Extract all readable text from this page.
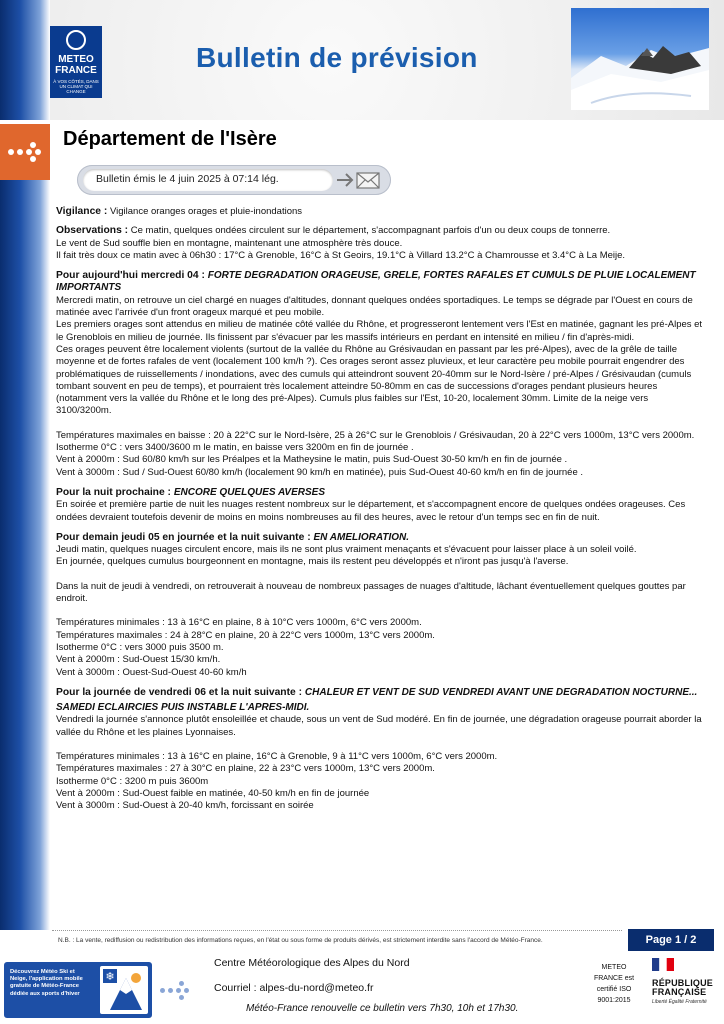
METEO
FRANCE
À VOS CÔTÉS, DANS UN CLIMAT QUI CHANGE
Bulletin de prévision
Département de l'Isère
Bulletin émis le 4 juin 2025 à 07:14 lég.

Vigilance : Vigilance oranges orages et pluie-inondations

Observations : Ce matin, quelques ondées circulent sur le département, s'accompagnant parfois d'un ou deux coups de tonnerre.

Le vent de Sud souffle bien en montagne, maintenant une atmosphère très douce.

Il fait très doux ce matin avec à 06h30 : 17°C à Grenoble, 16°C à St Geoirs, 19.1°C à Villard 13.2°C à Chamrousse et 3.4°C à La Meije.

Pour aujourd'hui mercredi 04 : FORTE DEGRADATION ORAGEUSE, GRELE, FORTES RAFALES ET CUMULS DE PLUIE LOCALEMENT IMPORTANTS

Mercredi matin, on retrouve un ciel chargé en nuages d'altitudes, donnant quelques ondées sportadiques. Le temps se dégrade par l'Ouest en cours de matinée avec l'arrivée d'un front orageux marqué et peu mobile.

Les premiers orages sont attendus en milieu de matinée côté vallée du Rhône, et progresseront lentement vers l'Est en matinée, gagnant les pré-Alpes et le Grenoblois en milieu de journée. Ils finissent par s'évacuer par les massifs intérieurs en perdant en intensité en milieu / fin d'après-midi.

Ces orages peuvent être localement violents (surtout de la vallée du Rhône au Grésivaudan en passant par les pré-Alpes), avec de la grêle de taille moyenne et de fortes rafales de vent (localement 100 km/h ?). Ces orages seront assez pluvieux, et leur caractère peu mobile pourrait engendrer des problématiques de ruissellements / inondations, avec des cumuls qui atteindront souvent 20-40mm sur le Nord-Isère / pré-Alpes / Grésivaudan (cumuls tombant souvent en peu de temps), et pourraient très localement atteindre 50-80mm en cas de successions d'orages pendant plusieurs heures (notamment vers la vallée du Rhône et le long des pré-Alpes). Cumuls plus faibles sur l'Est, 10-20, localement 30mm. Limite de la neige vers 3100/3200m.

Températures maximales en baisse : 20 à 22°C sur le Nord-Isère, 25 à 26°C sur le Grenoblois / Grésivaudan, 20 à 22°C vers 1000m, 13°C vers 2000m.

Isotherme 0°C : vers 3400/3600 m le matin, en baisse vers 3200m en fin de journée .

Vent à 2000m : Sud 60/80 km/h sur les Préalpes et la Matheysine le matin, puis Sud-Ouest 30-50 km/h en fin de journée .

Vent à 3000m : Sud / Sud-Ouest 60/80 km/h (localement 90 km/h en matinée), puis Sud-Ouest 40-60 km/h en fin de journée .

Pour la nuit prochaine : ENCORE QUELQUES AVERSES

En soirée et première partie de nuit les nuages restent nombreux sur le département, et s'accompagnent encore de quelques ondées orageuses. Ces ondées devraient toutefois devenir de moins en moins nombreuses au fil des heures, avec le retour d'un temps sec en fin de nuit.

Pour demain jeudi 05 en journée et la nuit suivante : EN AMELIORATION.

Jeudi matin, quelques nuages circulent encore, mais ils ne sont plus vraiment menaçants et s'évacuent pour laisser place à un soleil voilé.

En journée, quelques cumulus bourgeonnent en montagne, mais ils restent peu développés et n'iront pas jusqu'à l'averse.

Dans la nuit de jeudi à vendredi, on retrouverait à nouveau de nombreux passages de nuages d'altitude, lâchant éventuellement quelques gouttes par endroit.

Températures minimales : 13 à 16°C en plaine, 8 à 10°C vers 1000m, 6°C vers 2000m.

Températures maximales : 24 à 28°C en plaine, 20 à 22°C vers 1000m, 13°C vers 2000m.

Isotherme 0°C : vers 3000 puis 3500 m.

Vent à 2000m : Sud-Ouest 15/30 km/h.

Vent à 3000m : Ouest-Sud-Ouest 40-60 km/h

Pour la journée de vendredi 06 et la nuit suivante : CHALEUR ET VENT DE SUD VENDREDI AVANT UNE DEGRADATION NOCTURNE...

SAMEDI ECLAIRCIES PUIS INSTABLE L'APRES-MIDI.

Vendredi la journée s'annonce plutôt ensoleillée et chaude, sous un vent de Sud modéré. En fin de journée, une dégradation orageuse pourrait aborder la vallée du Rhône et les plaines Lyonnaises.

Températures minimales : 13 à 16°C en plaine, 16°C à Grenoble, 9 à 11°C vers 1000m, 6°C vers 2000m.

Températures maximales : 27 à 30°C en plaine, 22 à 23°C vers 1000m, 13°C vers 2000m.

Isotherme 0°C : 3200 m puis 3600m

Vent à 2000m : Sud-Ouest faible en matinée, 40-50 km/h en fin de journée

Vent à 3000m : Sud-Ouest à 20-40 km/h, forcissant en soirée

N.B. : La vente, rediffusion ou redistribution des informations reçues, en l'état ou sous forme de produits dérivés, est strictement interdite sans l'accord de Météo-France.	Page 1 / 2
Découvrez Météo Ski et Neige, l'application mobile gratuite de Météo-France dédiée aux sports d'hiver
❄
Centre Météorologique des Alpes du Nord
Courriel : alpes-du-nord@meteo.fr
Météo-France renouvelle ce bulletin vers 7h30, 10h et 17h30.
METEO FRANCE est certifié ISO 9001:2015
RÉPUBLIQUE
FRANÇAISE
Liberté Égalité Fraternité
